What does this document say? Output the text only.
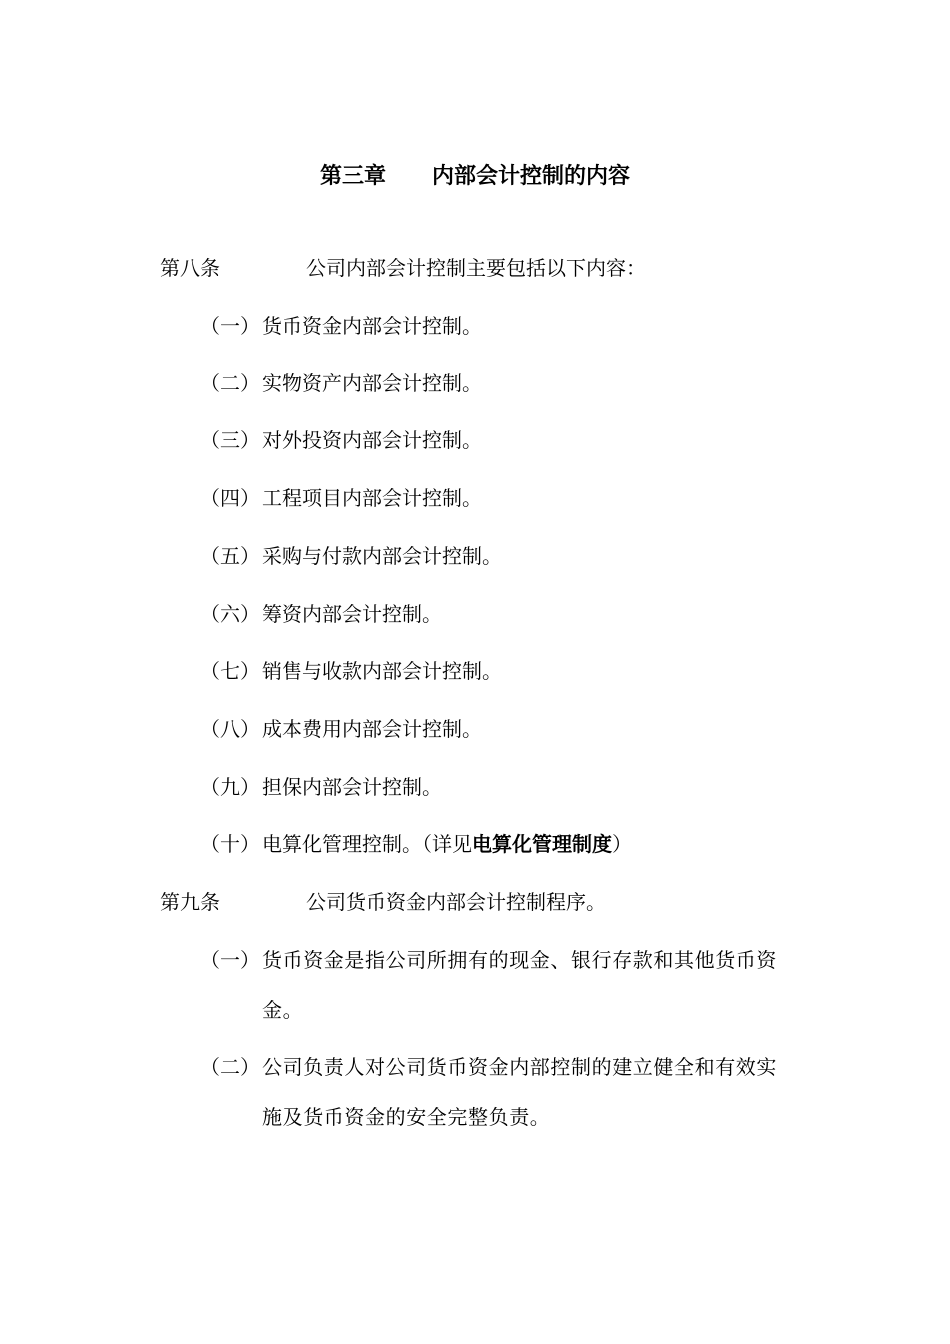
第三章 内部会计控制的内容
第八条	公司内部会计控制主要包括以下内容：
（一） 货币资金内部会计控制。
（二） 实物资产内部会计控制。
（三） 对外投资内部会计控制。
（四） 工程项目内部会计控制。
（五） 采购与付款内部会计控制。
（六） 筹资内部会计控制。
（七） 销售与收款内部会计控制。
（八） 成本费用内部会计控制。
（九） 担保内部会计控制。
（十） 电算化管理控制。（详见电算化管理制度）
第九条	公司货币资金内部会计控制程序。
（一） 货币资金是指公司所拥有的现金、银行存款和其他货币资
金。
（二） 公司负责人对公司货币资金内部控制的建立健全和有效实
施及货币资金的安全完整负责。
